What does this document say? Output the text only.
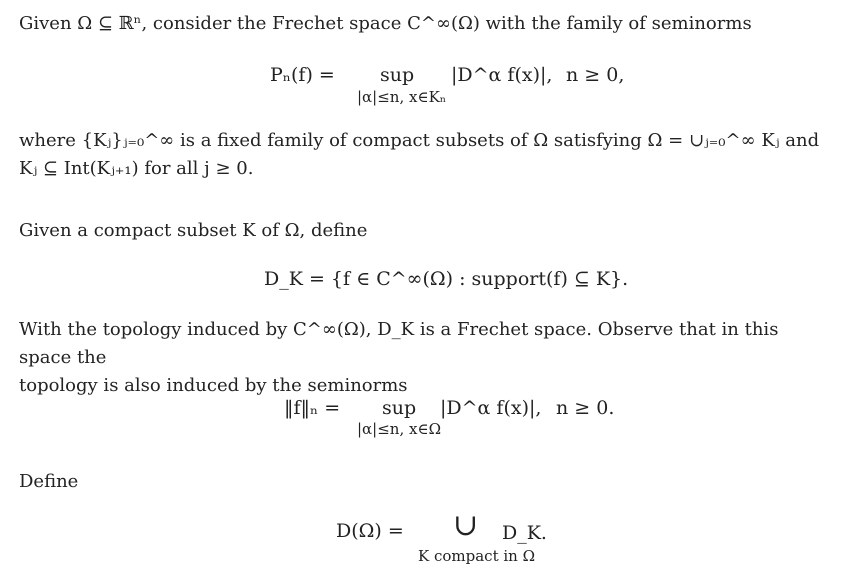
Given Ω ⊆ ℝⁿ, consider the Frechet space C^∞(Ω) with the family of seminorms
Pₙ(f) = sup |D^α f(x)|, n ≥ 0,
|α|≤n, x∈Kₙ
where {Kⱼ}ⱼ₌₀^∞ is a fixed family of compact subsets of Ω satisfying Ω = ∪ⱼ₌₀^∞ Kⱼ and
Kⱼ ⊆ Int(Kⱼ₊₁) for all j ≥ 0.
Given a compact subset K of Ω, define
D_K = {f ∈ C^∞(Ω) : support(f) ⊆ K}.
With the topology induced by C^∞(Ω), D_K is a Frechet space. Observe that in this space the
topology is also induced by the seminorms
‖f‖ₙ = sup |D^α f(x)|, n ≥ 0.
|α|≤n, x∈Ω
Define
D(Ω) = ∪ D_K.
K compact in Ω
